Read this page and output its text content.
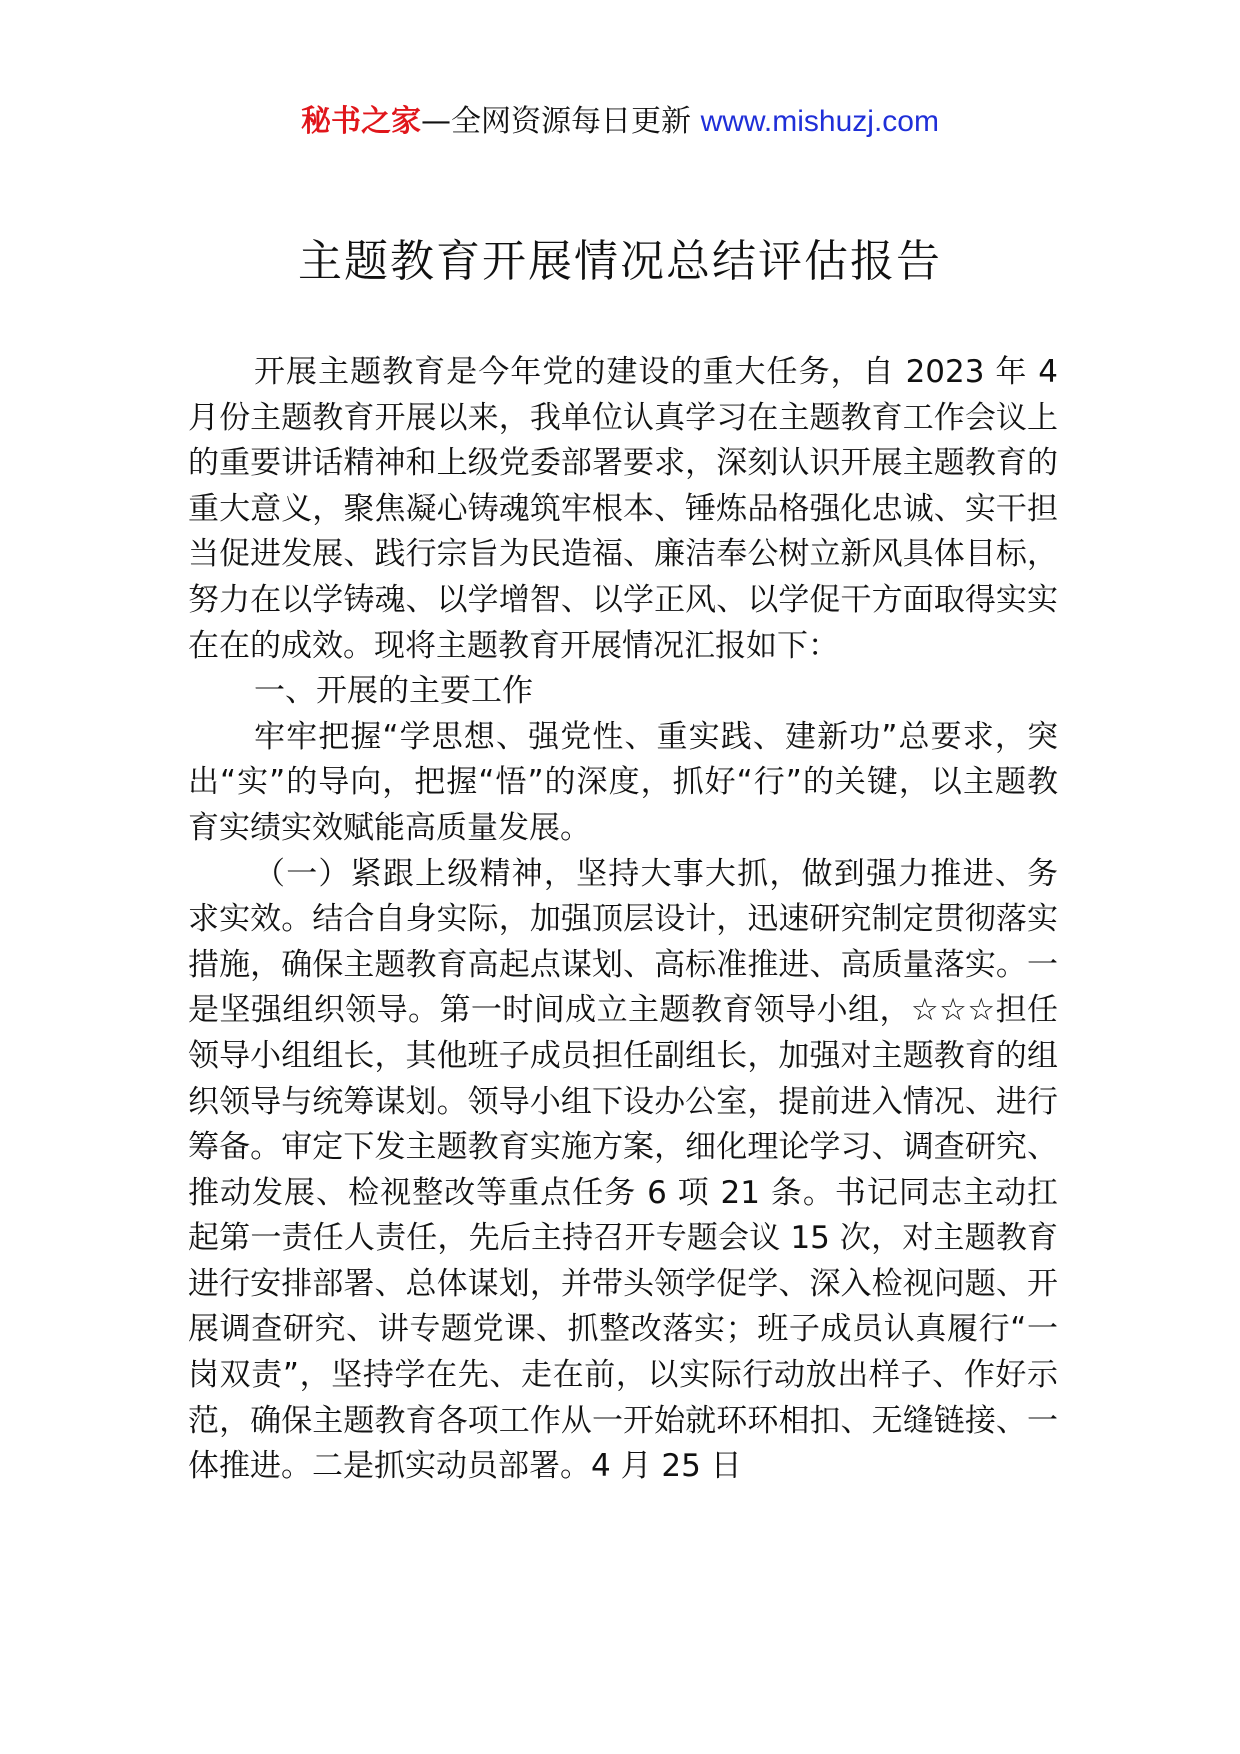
秘书之家—全网资源每日更新 www.mishuzj.com
主题教育开展情况总结评估报告

开展主题教育是今年党的建设的重大任务，自 2023 年 4 月份主题教育开展以来，我单位认真学习在主题教育工作会议上的重要讲话精神和上级党委部署要求，深刻认识开展主题教育的重大意义，聚焦凝心铸魂筑牢根本、锤炼品格强化忠诚、实干担当促进发展、践行宗旨为民造福、廉洁奉公树立新风具体目标，努力在以学铸魂、以学增智、以学正风、以学促干方面取得实实在在的成效。现将主题教育开展情况汇报如下：

一、开展的主要工作

牢牢把握“学思想、强党性、重实践、建新功”总要求，突出“实”的导向，把握“悟”的深度，抓好“行”的关键，以主题教育实绩实效赋能高质量发展。

（一）紧跟上级精神，坚持大事大抓，做到强力推进、务求实效。结合自身实际，加强顶层设计，迅速研究制定贯彻落实措施，确保主题教育高起点谋划、高标准推进、高质量落实。一是坚强组织领导。第一时间成立主题教育领导小组，☆☆☆担任领导小组组长，其他班子成员担任副组长，加强对主题教育的组织领导与统筹谋划。领导小组下设办公室，提前进入情况、进行筹备。审定下发主题教育实施方案，细化理论学习、调查研究、推动发展、检视整改等重点任务 6 项 21 条。书记同志主动扛起第一责任人责任，先后主持召开专题会议 15 次，对主题教育进行安排部署、总体谋划，并带头领学促学、深入检视问题、开展调查研究、讲专题党课、抓整改落实；班子成员认真履行“一岗双责”，坚持学在先、走在前，以实际行动放出样子、作好示范，确保主题教育各项工作从一开始就环环相扣、无缝链接、一体推进。二是抓实动员部署。4 月 25 日
